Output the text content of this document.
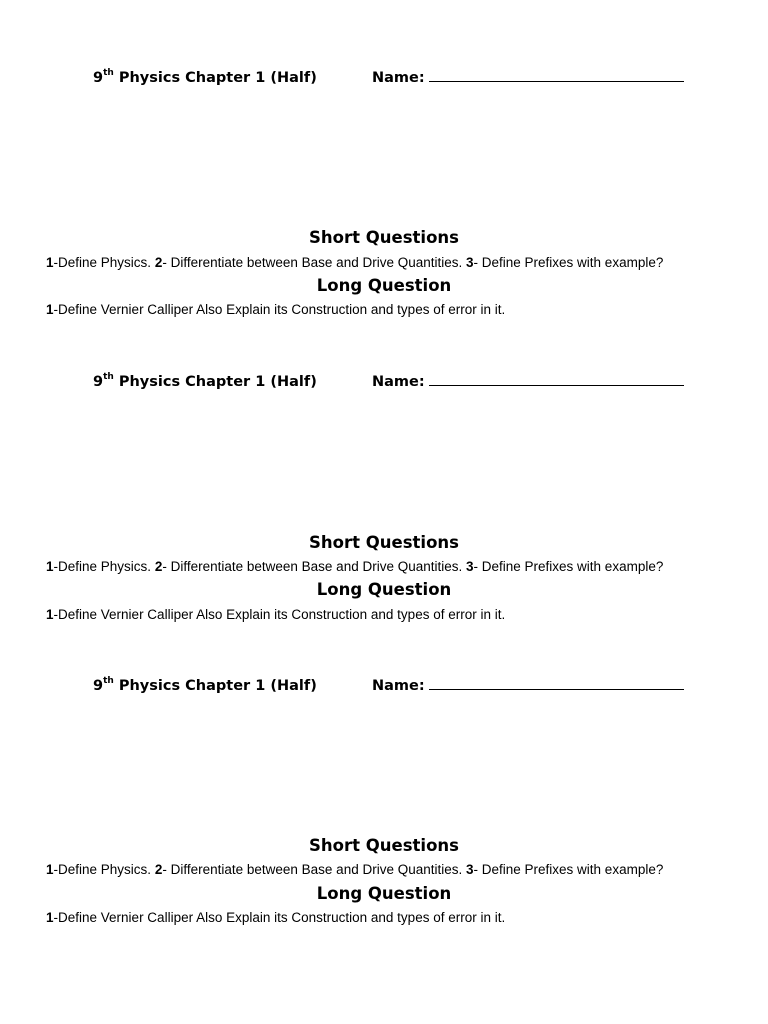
9th Physics Chapter 1 (Half)	Name:
Short Questions
1-Define Physics. 2- Differentiate between Base and Drive Quantities. 3- Define Prefixes with example?
Long Question
1-Define Vernier Calliper Also Explain its Construction and types of error in it.
9th Physics Chapter 1 (Half)	Name:
Short Questions
1-Define Physics. 2- Differentiate between Base and Drive Quantities. 3- Define Prefixes with example?
Long Question
1-Define Vernier Calliper Also Explain its Construction and types of error in it.
9th Physics Chapter 1 (Half)	Name:
Short Questions
1-Define Physics. 2- Differentiate between Base and Drive Quantities. 3- Define Prefixes with example?
Long Question
1-Define Vernier Calliper Also Explain its Construction and types of error in it.
